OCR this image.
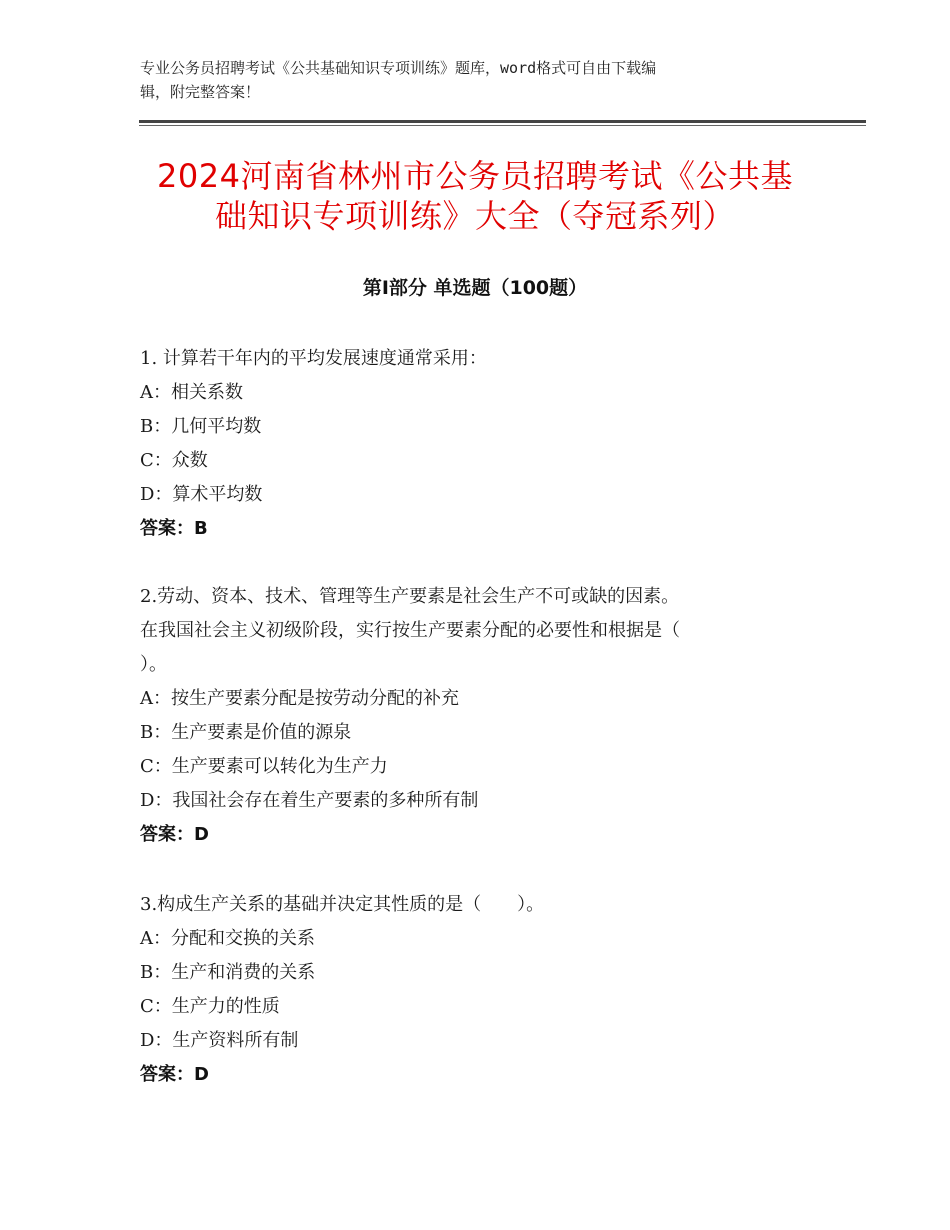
专业公务员招聘考试《公共基础知识专项训练》题库，word格式可自由下载编
辑，附完整答案！
2024河南省林州市公务员招聘考试《公共基
础知识专项训练》大全（夺冠系列）
第Ⅰ部分 单选题（100题）
1. 计算若干年内的平均发展速度通常采用：
A：相关系数
B：几何平均数
C：众数
D：算术平均数
答案：B
2.劳动、资本、技术、管理等生产要素是社会生产不可或缺的因素。
在我国社会主义初级阶段，实行按生产要素分配的必要性和根据是（
）。
A：按生产要素分配是按劳动分配的补充
B：生产要素是价值的源泉
C：生产要素可以转化为生产力
D：我国社会存在着生产要素的多种所有制
答案：D
3.构成生产关系的基础并决定其性质的是（　　）。
A：分配和交换的关系
B：生产和消费的关系
C：生产力的性质
D：生产资料所有制
答案：D
